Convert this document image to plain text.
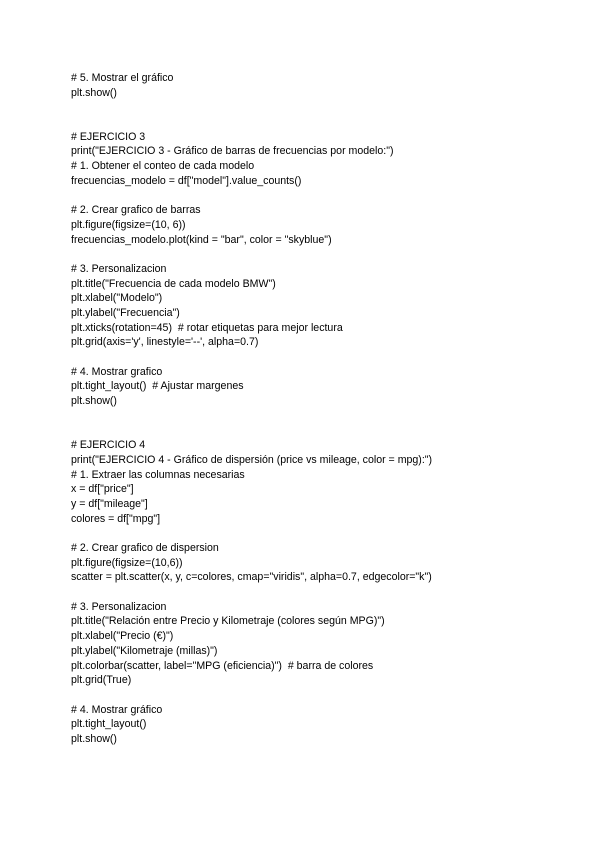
# 5. Mostrar el gráfico
plt.show()
# EJERCICIO 3
print("EJERCICIO 3 - Gráfico de barras de frecuencias por modelo:")
# 1. Obtener el conteo de cada modelo
frecuencias_modelo = df["model"].value_counts()
# 2. Crear grafico de barras
plt.figure(figsize=(10, 6))
frecuencias_modelo.plot(kind = "bar", color = "skyblue")
# 3. Personalizacion
plt.title("Frecuencia de cada modelo BMW")
plt.xlabel("Modelo")
plt.ylabel("Frecuencia")
plt.xticks(rotation=45)  # rotar etiquetas para mejor lectura
plt.grid(axis='y', linestyle='--', alpha=0.7)
# 4. Mostrar grafico
plt.tight_layout()  # Ajustar margenes
plt.show()
# EJERCICIO 4
print("EJERCICIO 4 - Gráfico de dispersión (price vs mileage, color = mpg):")
# 1. Extraer las columnas necesarias
x = df["price"]
y = df["mileage"]
colores = df["mpg"]
# 2. Crear grafico de dispersion
plt.figure(figsize=(10,6))
scatter = plt.scatter(x, y, c=colores, cmap="viridis", alpha=0.7, edgecolor="k")
# 3. Personalizacion
plt.title("Relación entre Precio y Kilometraje (colores según MPG)")
plt.xlabel("Precio (€)")
plt.ylabel("Kilometraje (millas)")
plt.colorbar(scatter, label="MPG (eficiencia)")  # barra de colores
plt.grid(True)
# 4. Mostrar gráfico
plt.tight_layout()
plt.show()
